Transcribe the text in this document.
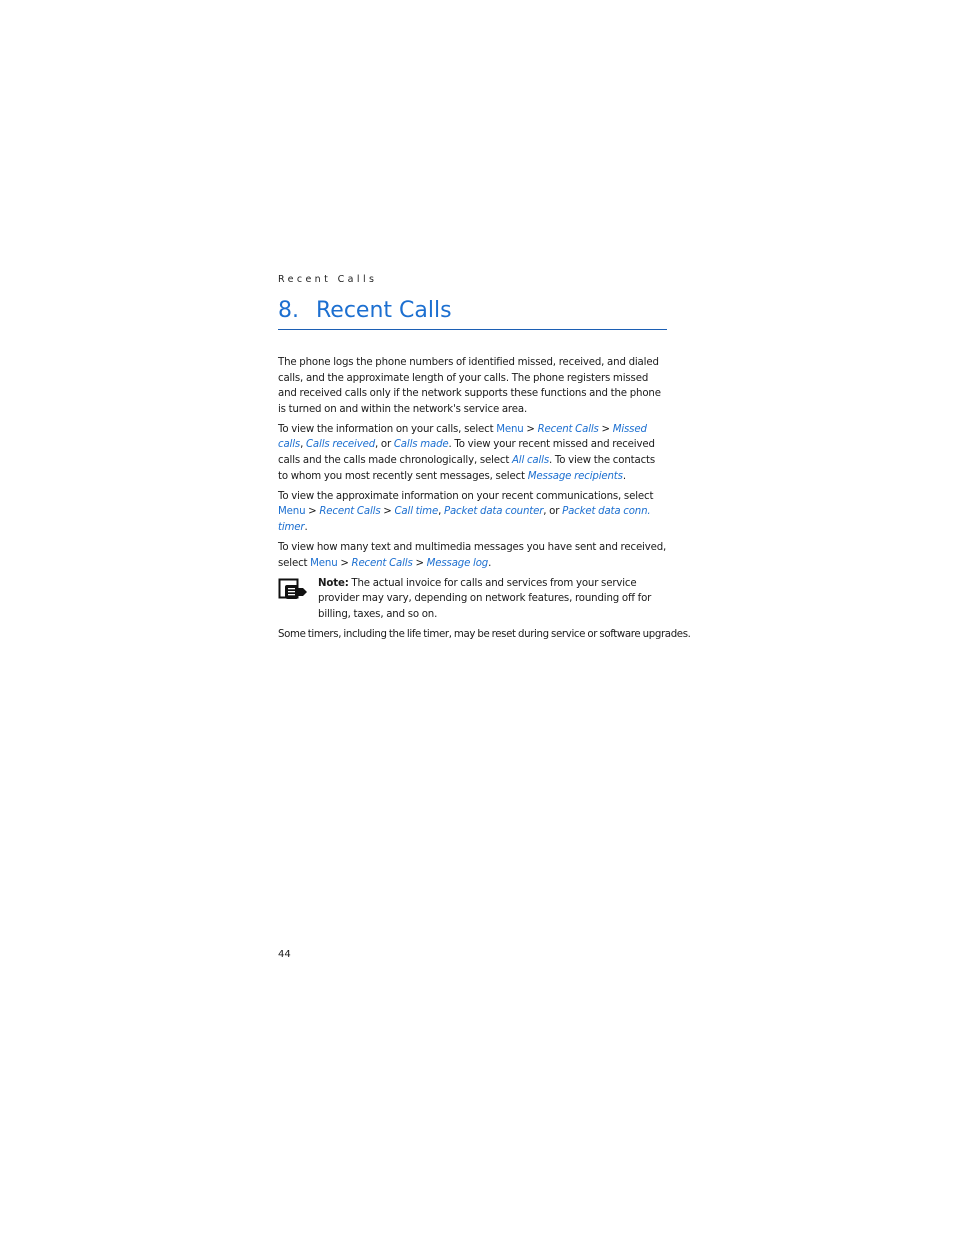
Recent Calls
8. Recent Calls

The phone logs the phone numbers of identified missed, received, and dialed calls, and the approximate length of your calls. The phone registers missed and received calls only if the network supports these functions and the phone is turned on and within the network's service area.

To view the information on your calls, select Menu > Recent Calls > Missed calls, Calls received, or Calls made. To view your recent missed and received calls and the calls made chronologically, select All calls. To view the contacts to whom you most recently sent messages, select Message recipients.

To view the approximate information on your recent communications, select Menu > Recent Calls > Call time, Packet data counter, or Packet data conn. timer.

To view how many text and multimedia messages you have sent and received, select Menu > Recent Calls > Message log.

Note: The actual invoice for calls and services from your service provider may vary, depending on network features, rounding off for billing, taxes, and so on.

Some timers, including the life timer, may be reset during service or software upgrades.

44
